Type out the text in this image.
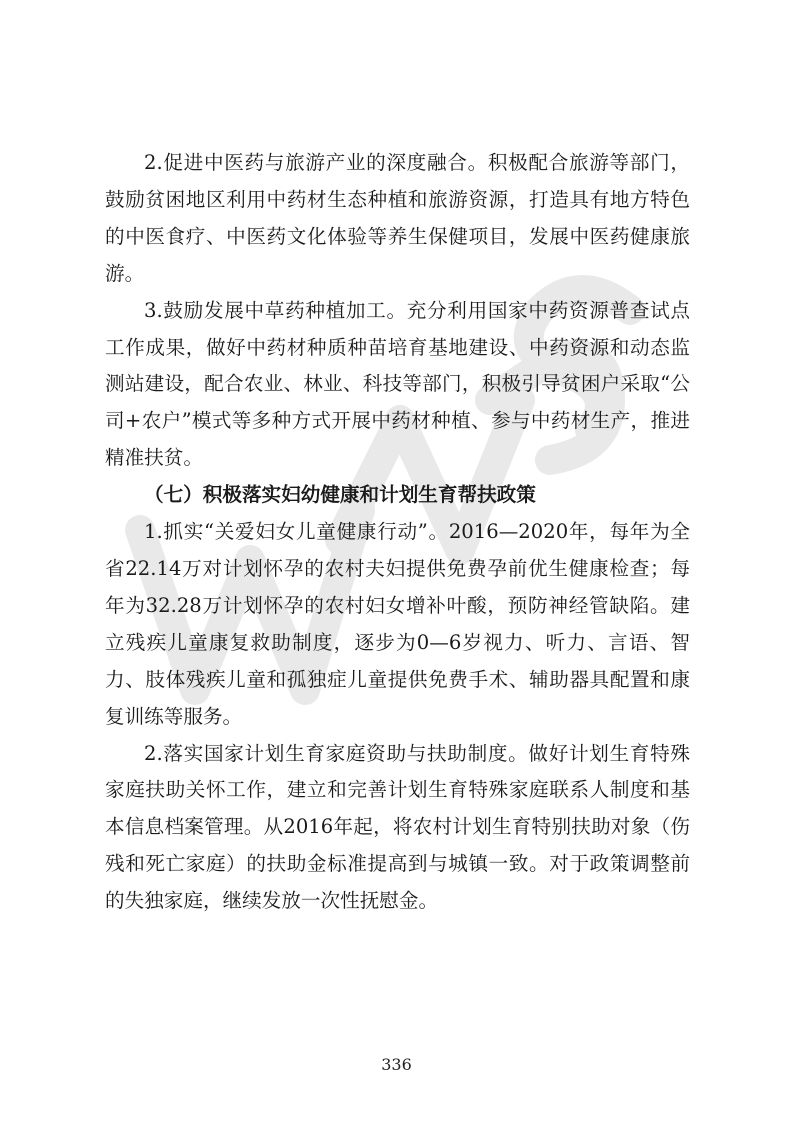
2.促进中医药与旅游产业的深度融合。积极配合旅游等部门，鼓励贫困地区利用中药材生态种植和旅游资源，打造具有地方特色的中医食疗、中医药文化体验等养生保健项目，发展中医药健康旅游。

3.鼓励发展中草药种植加工。充分利用国家中药资源普查试点工作成果，做好中药材种质种苗培育基地建设、中药资源和动态监测站建设，配合农业、林业、科技等部门，积极引导贫困户采取“公司+农户”模式等多种方式开展中药材种植、参与中药材生产，推进精准扶贫。

（七）积极落实妇幼健康和计划生育帮扶政策

1.抓实“关爱妇女儿童健康行动”。2016—2020年，每年为全省22.14万对计划怀孕的农村夫妇提供免费孕前优生健康检查；每年为32.28万计划怀孕的农村妇女增补叶酸，预防神经管缺陷。建立残疾儿童康复救助制度，逐步为0—6岁视力、听力、言语、智力、肢体残疾儿童和孤独症儿童提供免费手术、辅助器具配置和康复训练等服务。

2.落实国家计划生育家庭资助与扶助制度。做好计划生育特殊家庭扶助关怀工作，建立和完善计划生育特殊家庭联系人制度和基本信息档案管理。从2016年起，将农村计划生育特别扶助对象（伤残和死亡家庭）的扶助金标准提高到与城镇一致。对于政策调整前的失独家庭，继续发放一次性抚慰金。

336
